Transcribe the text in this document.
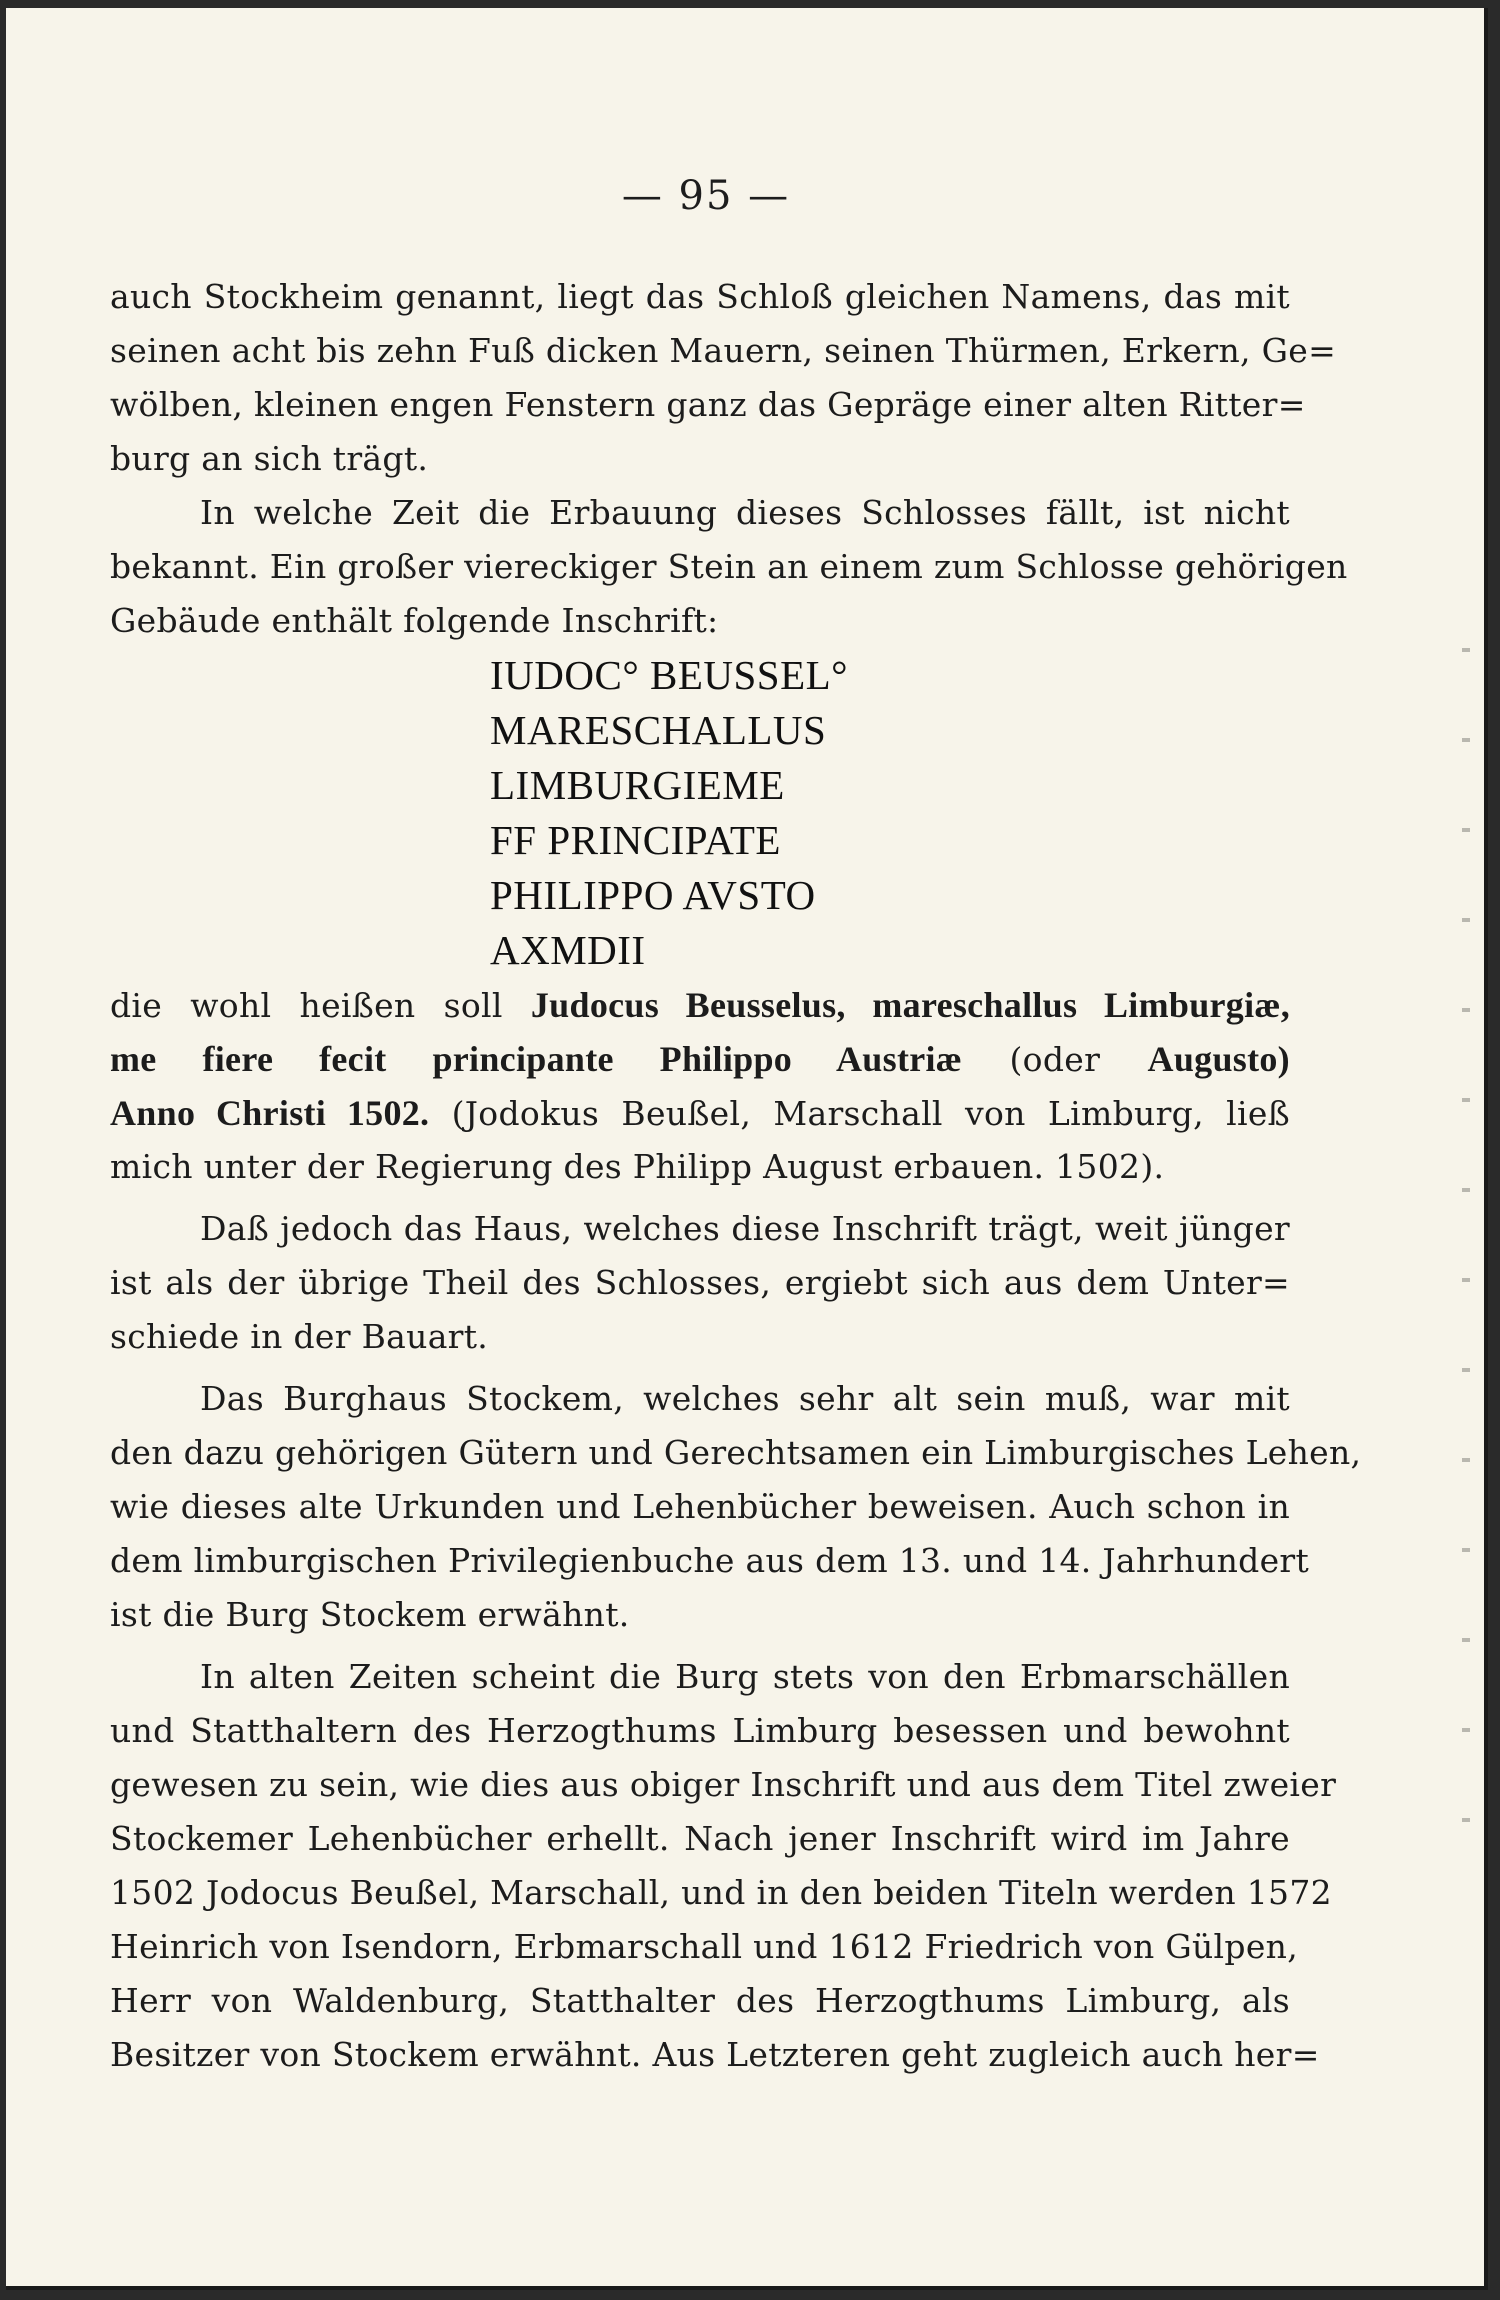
— 95 —
auch Stockheim genannt, liegt das Schloß gleichen Namens, das mit
seinen acht bis zehn Fuß dicken Mauern, seinen Thürmen, Erkern, Ge=
wölben, kleinen engen Fenstern ganz das Gepräge einer alten Ritter=
burg an sich trägt.
In welche Zeit die Erbauung dieses Schlosses fällt, ist nicht
bekannt. Ein großer viereckiger Stein an einem zum Schlosse gehörigen
Gebäude enthält folgende Inschrift:
IUDOC° BEUSSEL°
MARESCHALLUS
LIMBURGIEME
FF PRINCIPATE
PHILIPPO AVSTO
AXMDII
die wohl heißen soll Judocus Beusselus, mareschallus Limburgiæ,
me fiere fecit principante Philippo Austriæ (oder Augusto)
Anno Christi 1502. (Jodokus Beußel, Marschall von Limburg, ließ
mich unter der Regierung des Philipp August erbauen. 1502).
Daß jedoch das Haus, welches diese Inschrift trägt, weit jünger
ist als der übrige Theil des Schlosses, ergiebt sich aus dem Unter=
schiede in der Bauart.
Das Burghaus Stockem, welches sehr alt sein muß, war mit
den dazu gehörigen Gütern und Gerechtsamen ein Limburgisches Lehen,
wie dieses alte Urkunden und Lehenbücher beweisen. Auch schon in
dem limburgischen Privilegienbuche aus dem 13. und 14. Jahrhundert
ist die Burg Stockem erwähnt.
In alten Zeiten scheint die Burg stets von den Erbmarschällen
und Statthaltern des Herzogthums Limburg besessen und bewohnt
gewesen zu sein, wie dies aus obiger Inschrift und aus dem Titel zweier
Stockemer Lehenbücher erhellt. Nach jener Inschrift wird im Jahre
1502 Jodocus Beußel, Marschall, und in den beiden Titeln werden 1572
Heinrich von Isendorn, Erbmarschall und 1612 Friedrich von Gülpen,
Herr von Waldenburg, Statthalter des Herzogthums Limburg, als
Besitzer von Stockem erwähnt. Aus Letzteren geht zugleich auch her=
